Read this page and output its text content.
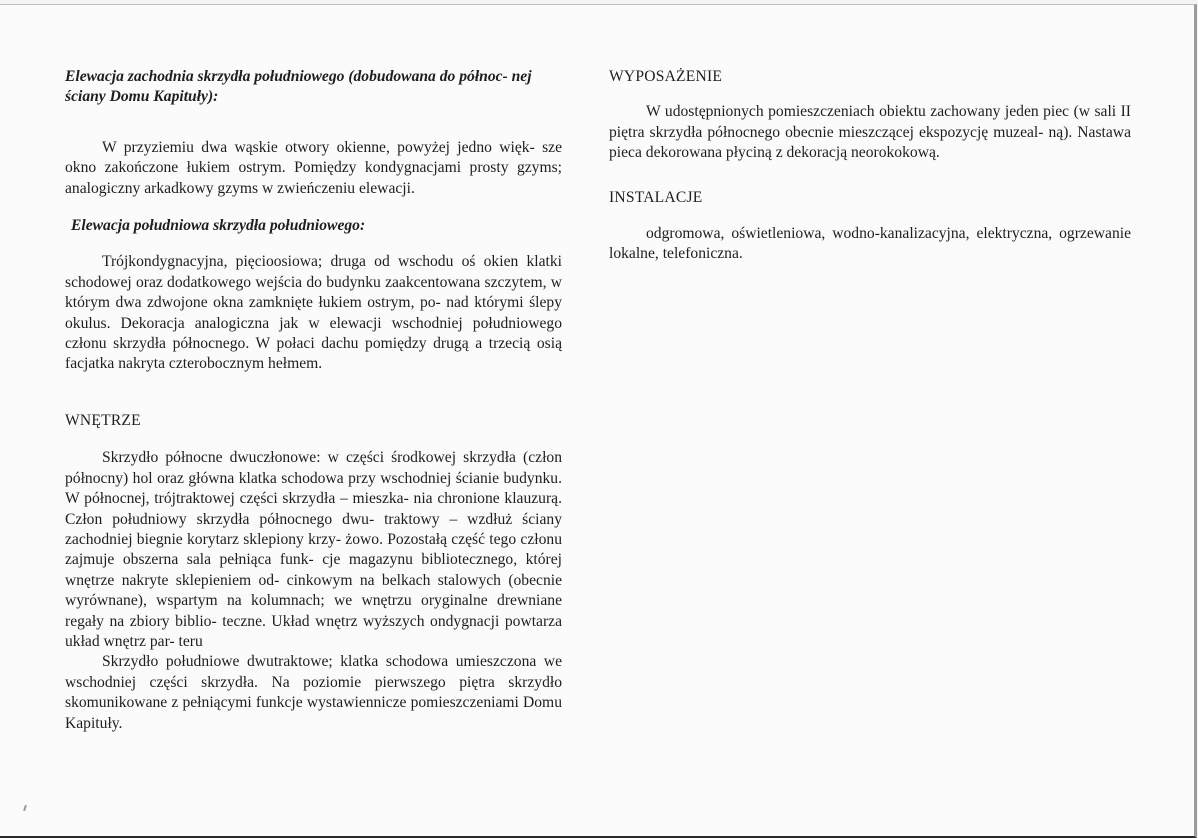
Elewacja zachodnia skrzydła południowego (dobudowana do północ- nej ściany Domu Kapituły):

W przyziemiu dwa wąskie otwory okienne, powyżej jedno więk- sze okno zakończone łukiem ostrym. Pomiędzy kondygnacjami prosty gzyms; analogiczny arkadkowy gzyms w zwieńczeniu elewacji.

Elewacja południowa skrzydła południowego:

Trójkondygnacyjna, pięcioosiowa; druga od wschodu oś okien klatki schodowej oraz dodatkowego wejścia do budynku zaakcentowana szczytem, w którym dwa zdwojone okna zamknięte łukiem ostrym, po- nad którymi ślepy okulus. Dekoracja analogiczna jak w elewacji wschodniej południowego członu skrzydła północnego. W połaci dachu pomiędzy drugą a trzecią osią facjatka nakryta czterobocznym hełmem.

WNĘTRZE

Skrzydło północne dwuczłonowe: w części środkowej skrzydła (człon północny) hol oraz główna klatka schodowa przy wschodniej ścianie budynku. W północnej, trójtraktowej części skrzydła – mieszka- nia chronione klauzurą. Człon południowy skrzydła północnego dwu- traktowy – wzdłuż ściany zachodniej biegnie korytarz sklepiony krzy- żowo. Pozostałą część tego członu zajmuje obszerna sala pełniąca funk- cje magazynu bibliotecznego, której wnętrze nakryte sklepieniem od- cinkowym na belkach stalowych (obecnie wyrównane), wspartym na kolumnach; we wnętrzu oryginalne drewniane regały na zbiory biblio- teczne. Układ wnętrz wyższych ondygnacji powtarza układ wnętrz par- teru

Skrzydło południowe dwutraktowe; klatka schodowa umieszczona we wschodniej części skrzydła. Na poziomie pierwszego piętra skrzydło skomunikowane z pełniącymi funkcje wystawiennicze pomieszczeniami Domu Kapituły.

WYPOSAŻENIE

W udostępnionych pomieszczeniach obiektu zachowany jeden piec (w sali II piętra skrzydła północnego obecnie mieszczącej ekspozycję muzeal- ną). Nastawa pieca dekorowana płyciną z dekoracją neorokokową.

INSTALACJE

odgromowa, oświetleniowa, wodno-kanalizacyjna, elektryczna, ogrzewanie lokalne, telefoniczna.
